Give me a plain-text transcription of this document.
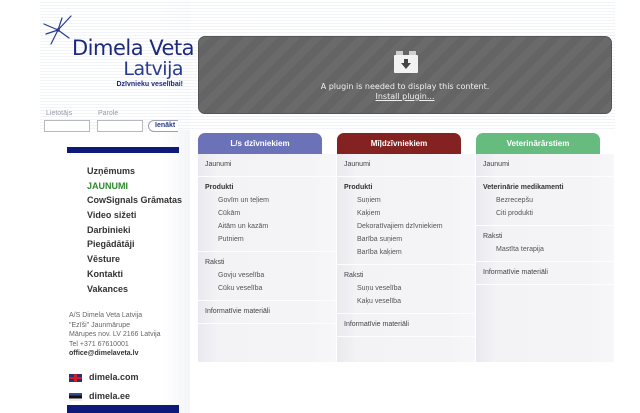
Dimela Veta
Latvija
Dzīvnieku veselībai!
Lietotājs	Parole
Ienākt
Uzņēmums
JAUNUMI
CowSignals Grāmatas
Video sižeti
Darbinieki
Piegādātāji
Vēsture
Kontakti
Vakances
A/S Dimela Veta Latvija
"Ezīši" Jaunmārupe
Mārupes nov. LV 2166 Latvija
Tel +371 67610001
office@dimelaveta.lv
dimela.com
dimela.ee
A plugin is needed to display this content.
Install plugin...
L/s dzīvniekiem
Jaunumi
Produkti
Govīm un teļiem
Cūkām
Aitām un kazām
Putniem
Raksti
Govju veselība
Cūku veselība
Informatīvie materiāli
Mīļdzīvniekiem
Jaunumi
Produkti
Suņiem
Kaķiem
Dekoratīvajiem dzīvniekiem
Barība suņiem
Barība kaķiem
Raksti
Suņu veselība
Kaķu veselība
Informatīvie materiāli
Veterinārārstiem
Jaunumi
Veterinārie medikamenti
Bezrecepšu
Citi produkti
Raksti
Mastīta terapija
Informatīvie materiāli
